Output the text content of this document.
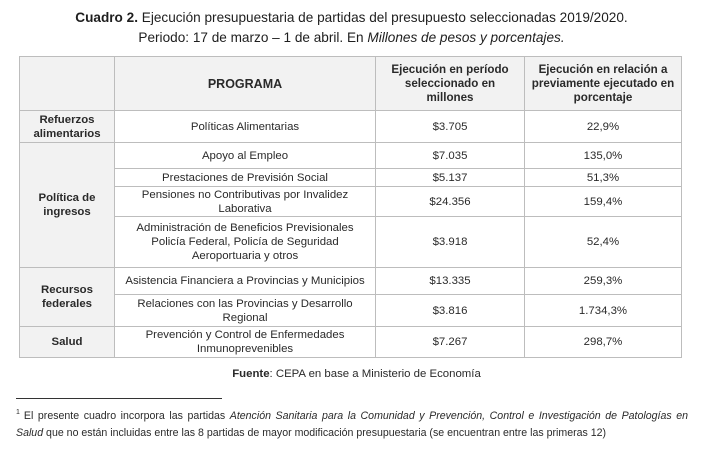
Cuadro 2. Ejecución presupuestaria de partidas del presupuesto seleccionadas 2019/2020.
Periodo: 17 de marzo – 1 de abril. En Millones de pesos y porcentajes.
	PROGRAMA	Ejecución en período seleccionado en millones	Ejecución en relación a previamente ejecutado en porcentaje
Refuerzos alimentarios	Políticas Alimentarias	$3.705	22,9%
Política de ingresos	Apoyo al Empleo	$7.035	135,0%
	Prestaciones de Previsión Social	$5.137	51,3%
	Pensiones no Contributivas por Invalidez Laborativa	$24.356	159,4%
	Administración de Beneficios Previsionales Policía Federal, Policía de Seguridad Aeroportuaria y otros	$3.918	52,4%
Recursos federales	Asistencia Financiera a Provincias y Municipios	$13.335	259,3%
	Relaciones con las Provincias y Desarrollo Regional	$3.816	1.734,3%
Salud	Prevención y Control de Enfermedades Inmunoprevenibles	$7.267	298,7%
Fuente: CEPA en base a Ministerio de Economía
$^1$ El presente cuadro incorpora las partidas Atención Sanitaria para la Comunidad y Prevención, Control e Investigación de Patologías en Salud que no están incluidas entre las 8 partidas de mayor modificación presupuestaria (se encuentran entre las primeras 12)
